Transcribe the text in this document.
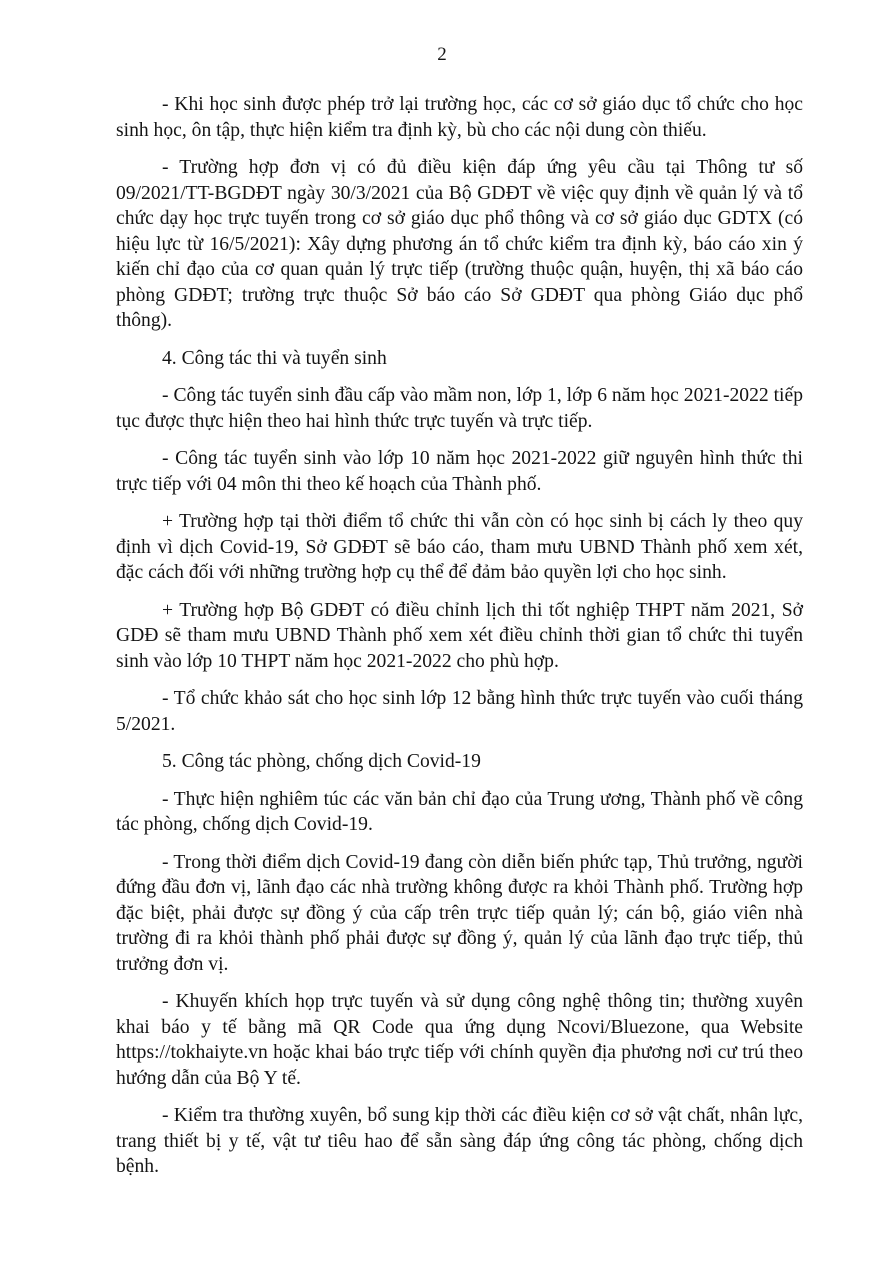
2

- Khi học sinh được phép trở lại trường học, các cơ sở giáo dục tổ chức cho học sinh học, ôn tập, thực hiện kiểm tra định kỳ, bù cho các nội dung còn thiếu.

- Trường hợp đơn vị có đủ điều kiện đáp ứng yêu cầu tại Thông tư số 09/2021/TT-BGDĐT ngày 30/3/2021 của Bộ GDĐT về việc quy định về quản lý và tổ chức dạy học trực tuyến trong cơ sở giáo dục phổ thông và cơ sở giáo dục GDTX (có hiệu lực từ 16/5/2021): Xây dựng phương án tổ chức kiểm tra định kỳ, báo cáo xin ý kiến chỉ đạo của cơ quan quản lý trực tiếp (trường thuộc quận, huyện, thị xã báo cáo phòng GDĐT; trường trực thuộc Sở báo cáo Sở GDĐT qua phòng Giáo dục phổ thông).

4. Công tác thi và tuyển sinh

- Công tác tuyển sinh đầu cấp vào mầm non, lớp 1, lớp 6 năm học 2021-2022 tiếp tục được thực hiện theo hai hình thức trực tuyến và trực tiếp.

- Công tác tuyển sinh vào lớp 10 năm học 2021-2022 giữ nguyên hình thức thi trực tiếp với 04 môn thi theo kế hoạch của Thành phố.

+ Trường hợp tại thời điểm tổ chức thi vẫn còn có học sinh bị cách ly theo quy định vì dịch Covid-19, Sở GDĐT sẽ báo cáo, tham mưu UBND Thành phố xem xét, đặc cách đối với những trường hợp cụ thể để đảm bảo quyền lợi cho học sinh.

+ Trường hợp Bộ GDĐT có điều chỉnh lịch thi tốt nghiệp THPT năm 2021, Sở GDĐ sẽ tham mưu UBND Thành phố xem xét điều chỉnh thời gian tổ chức thi tuyển sinh vào lớp 10 THPT năm học 2021-2022 cho phù hợp.

- Tổ chức khảo sát cho học sinh lớp 12 bằng hình thức trực tuyến vào cuối tháng 5/2021.

5. Công tác phòng, chống dịch Covid-19

- Thực hiện nghiêm túc các văn bản chỉ đạo của Trung ương, Thành phố về công tác phòng, chống dịch Covid-19.

- Trong thời điểm dịch Covid-19 đang còn diễn biến phức tạp, Thủ trưởng, người đứng đầu đơn vị, lãnh đạo các nhà trường không được ra khỏi Thành phố. Trường hợp đặc biệt, phải được sự đồng ý của cấp trên trực tiếp quản lý; cán bộ, giáo viên nhà trường đi ra khỏi thành phố phải được sự đồng ý, quản lý của lãnh đạo trực tiếp, thủ trưởng đơn vị.

- Khuyến khích họp trực tuyến và sử dụng công nghệ thông tin; thường xuyên khai báo y tế bằng mã QR Code qua ứng dụng Ncovi/Bluezone, qua Website https://tokhaiyte.vn hoặc khai báo trực tiếp với chính quyền địa phương nơi cư trú theo hướng dẫn của Bộ Y tế.

- Kiểm tra thường xuyên, bổ sung kịp thời các điều kiện cơ sở vật chất, nhân lực, trang thiết bị y tế, vật tư tiêu hao để sẵn sàng đáp ứng công tác phòng, chống dịch bệnh.
